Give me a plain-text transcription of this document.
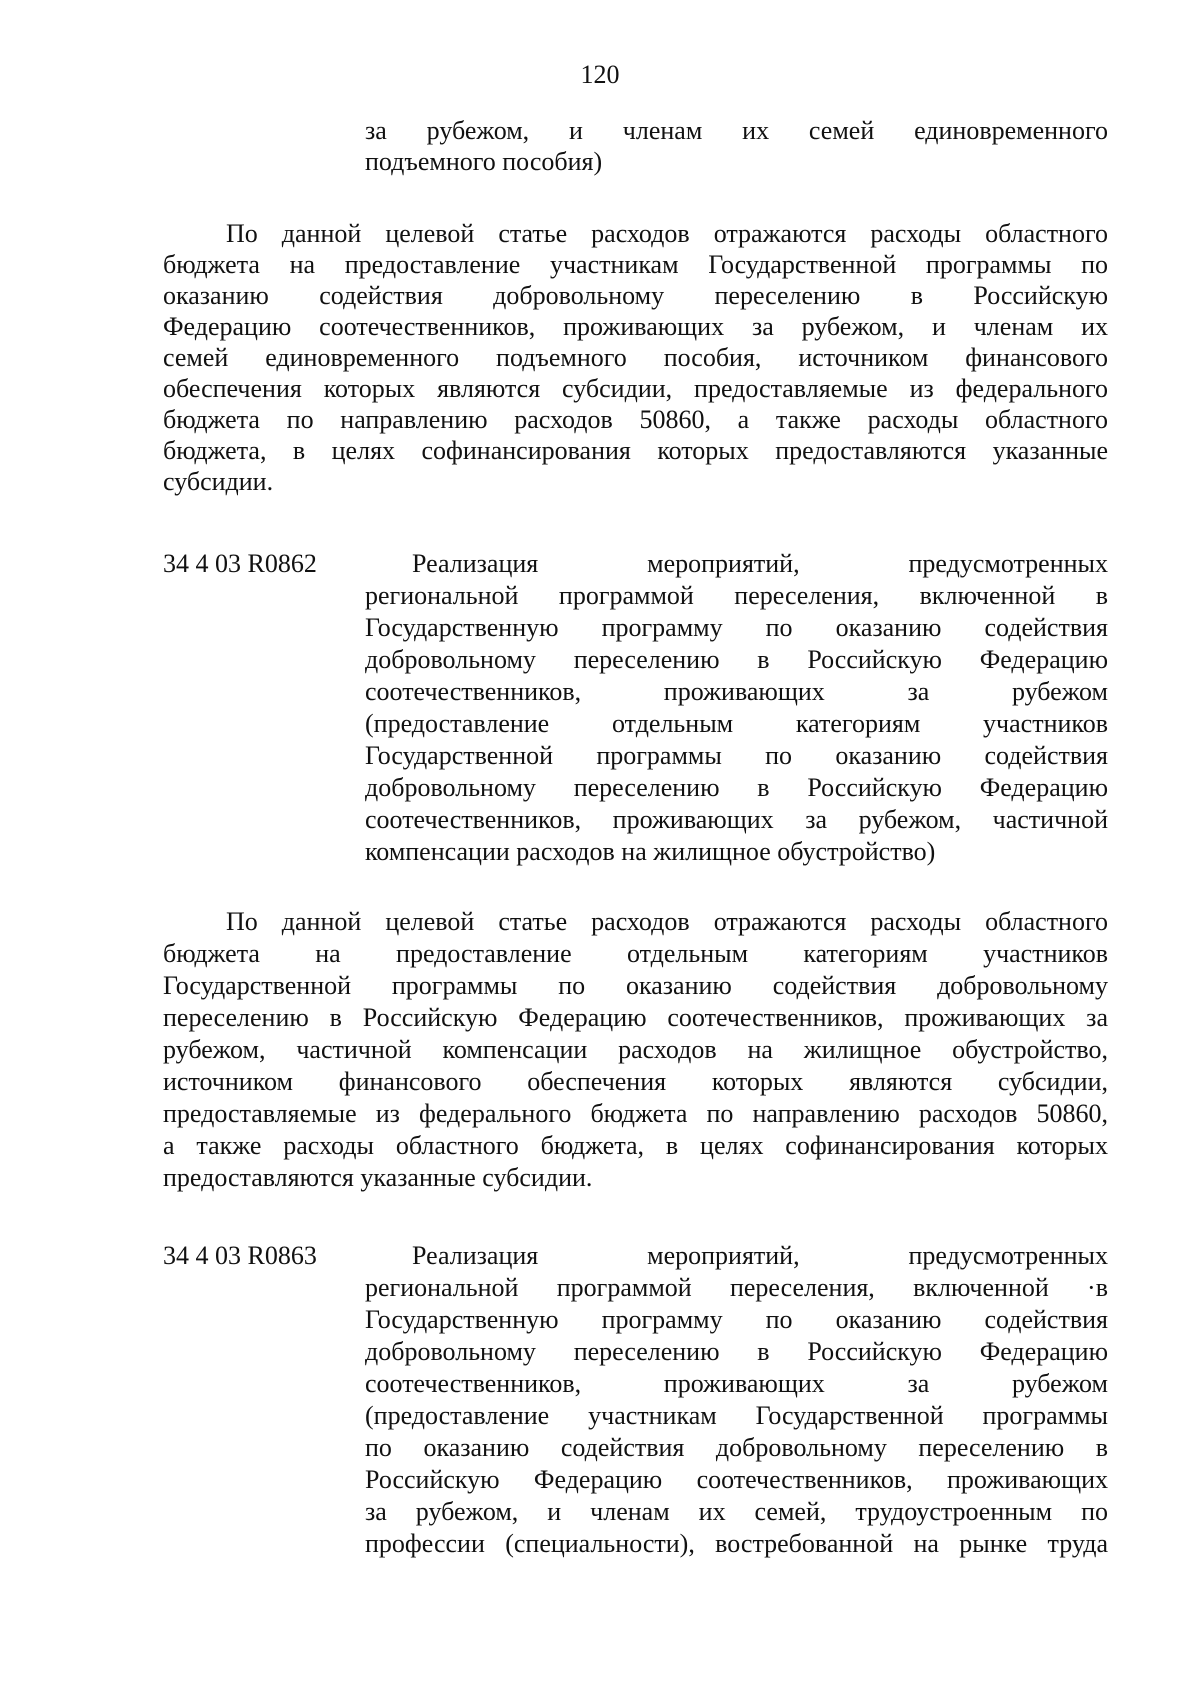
120
за рубежом, и членам их семей единовременного
подъемного пособия)
По данной целевой статье расходов отражаются расходы областного
бюджета на предоставление участникам Государственной программы по
оказанию содействия добровольному переселению в Российскую
Федерацию соотечественников, проживающих за рубежом, и членам их
семей единовременного подъемного пособия, источником финансового
обеспечения которых являются субсидии, предоставляемые из федерального
бюджета по направлению расходов 50860, а также расходы областного
бюджета, в целях софинансирования которых предоставляются указанные
субсидии.
34 4 03 R0862	Реализация мероприятий, предусмотренных
региональной программой переселения, включенной в
Государственную программу по оказанию содействия
добровольному переселению в Российскую Федерацию
соотечественников, проживающих за рубежом
(предоставление отдельным категориям участников
Государственной программы по оказанию содействия
добровольному переселению в Российскую Федерацию
соотечественников, проживающих за рубежом, частичной
компенсации расходов на жилищное обустройство)
По данной целевой статье расходов отражаются расходы областного
бюджета на предоставление отдельным категориям участников
Государственной программы по оказанию содействия добровольному
переселению в Российскую Федерацию соотечественников, проживающих за
рубежом, частичной компенсации расходов на жилищное обустройство,
источником финансового обеспечения которых являются субсидии,
предоставляемые из федерального бюджета по направлению расходов 50860,
а также расходы областного бюджета, в целях софинансирования которых
предоставляются указанные субсидии.
34 4 03 R0863	Реализация мероприятий, предусмотренных
региональной программой переселения, включенной ·в
Государственную программу по оказанию содействия
добровольному переселению в Российскую Федерацию
соотечественников, проживающих за рубежом
(предоставление участникам Государственной программы
по оказанию содействия добровольному переселению в
Российскую Федерацию соотечественников, проживающих
за рубежом, и членам их семей, трудоустроенным по
профессии (специальности), востребованной на рынке труда
